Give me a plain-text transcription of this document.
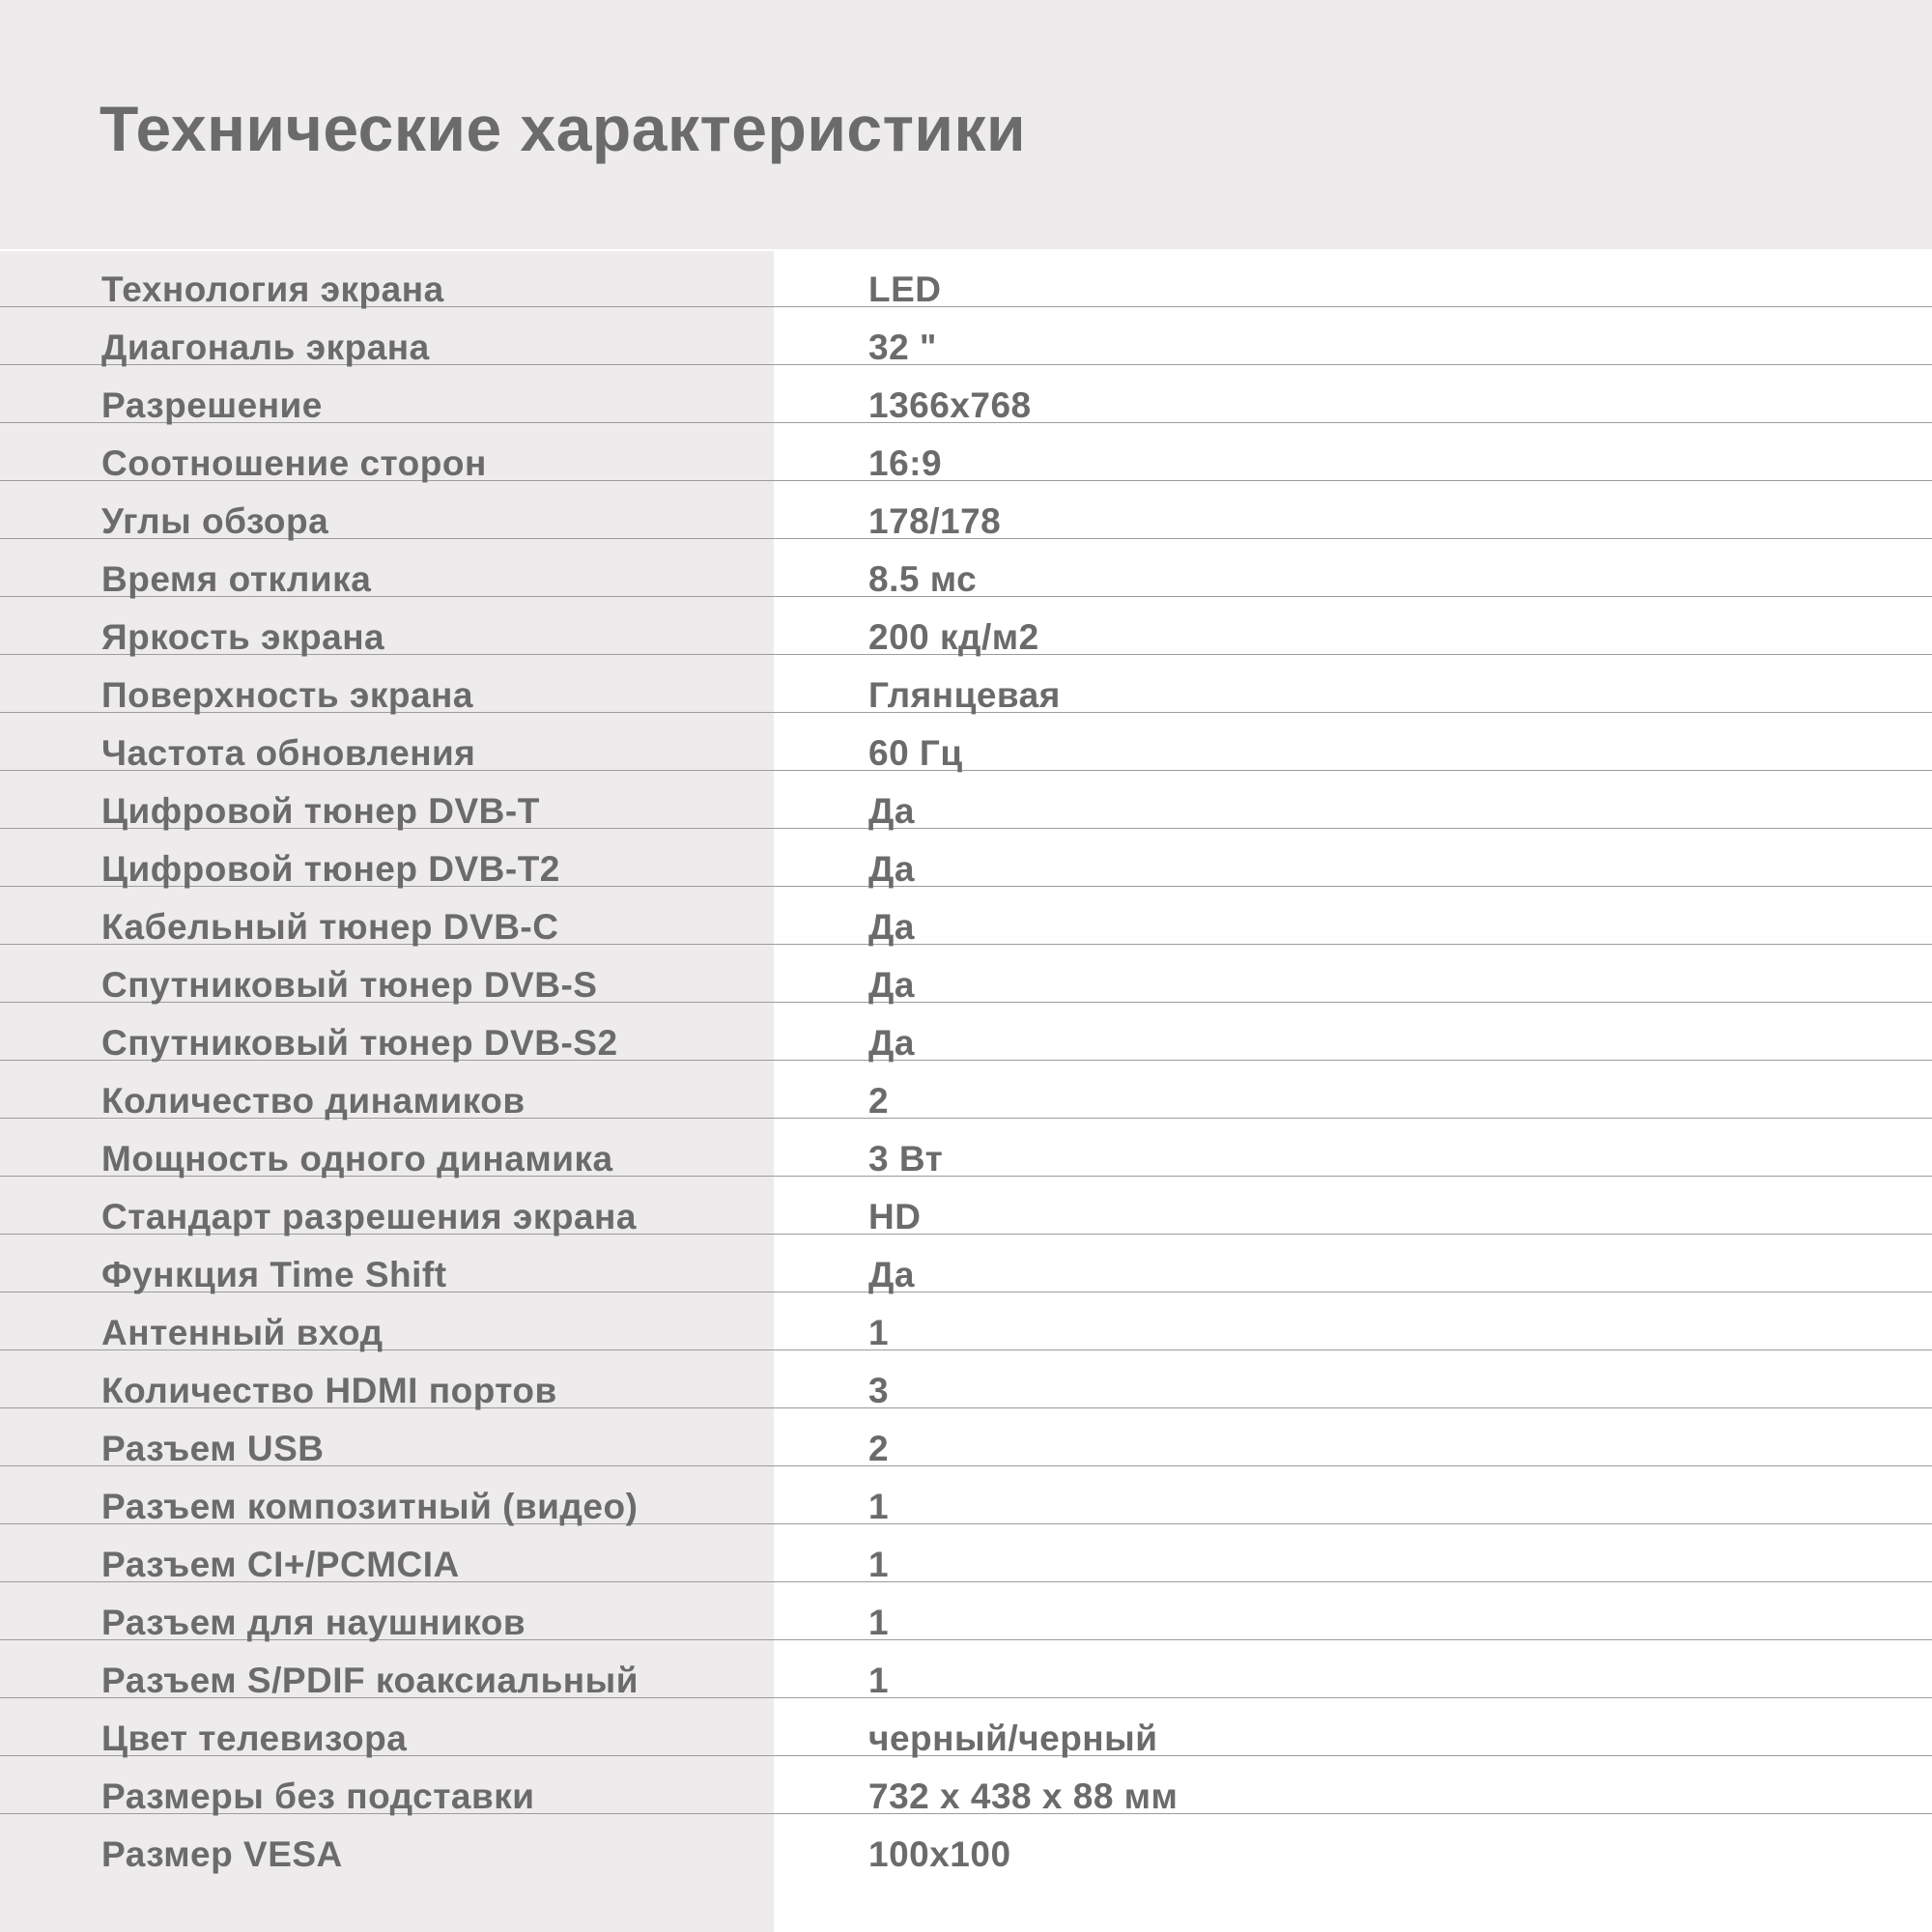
Технические характеристики
Технология экрана	LED
Диагональ экрана	32 "
Разрешение	1366x768
Соотношение сторон	16:9
Углы обзора	178/178
Время отклика	8.5 мс
Яркость экрана	200 кд/м2
Поверхность экрана	Глянцевая
Частота обновления	60 Гц
Цифровой тюнер DVB-T	Да
Цифровой тюнер DVB-T2	Да
Кабельный тюнер DVB-C	Да
Спутниковый тюнер DVB-S	Да
Спутниковый тюнер DVB-S2	Да
Количество динамиков	2
Мощность одного динамика	3 Вт
Стандарт разрешения экрана	HD
Функция Time Shift	Да
Антенный вход	1
Количество HDMI портов	3
Разъем USB	2
Разъем композитный (видео)	1
Разъем CI+/PCMCIA	1
Разъем для наушников	1
Разъем S/PDIF коаксиальный	1
Цвет телевизора	черный/черный
Размеры без подставки	732 x 438 x 88 мм
Размер VESA	100x100
